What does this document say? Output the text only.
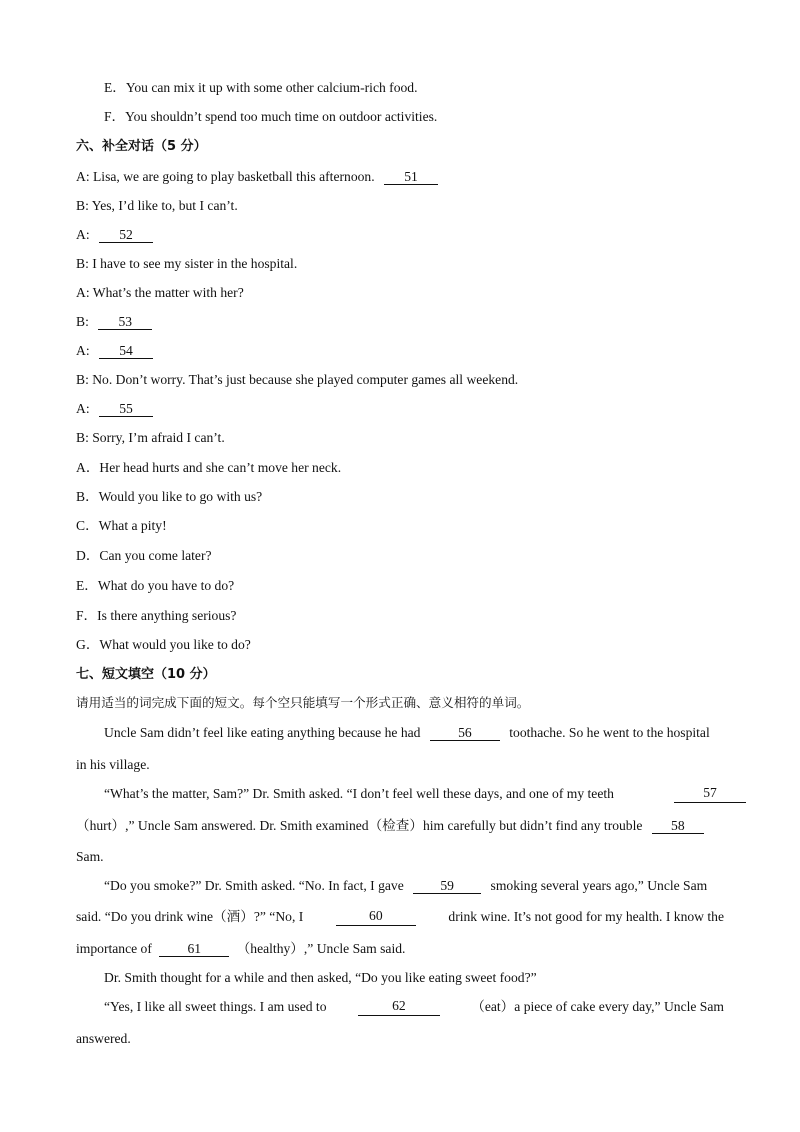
E．You can mix it up with some other calcium-rich food.
F．You shouldn’t spend too much time on outdoor activities.
六、补全对话（5 分）
A: Lisa, we are going to play basketball this afternoon. 51
B: Yes, I’d like to, but I can’t.
A: 52
B: I have to see my sister in the hospital.
A: What’s the matter with her?
B: 53
A: 54
B: No. Don’t worry. That’s just because she played computer games all weekend.
A: 55
B: Sorry, I’m afraid I can’t.
A．Her head hurts and she can’t move her neck.
B．Would you like to go with us?
C．What a pity!
D．Can you come later?
E．What do you have to do?
F．Is there anything serious?
G．What would you like to do?
七、短文填空（10 分）
请用适当的词完成下面的短文。每个空只能填写一个形式正确、意义相符的单词。
Uncle Sam didn’t feel like eating anything because he had	56	toothache. So he went to the hospital
in his village.
“What’s the matter, Sam?” Dr. Smith asked. “I don’t feel well these days, and one of my teeth	57
（hurt）,” Uncle Sam answered. Dr. Smith examined（检查）him carefully but didn’t find any trouble 58
Sam.
“Do you smoke?” Dr. Smith asked. “No. In fact, I gave	59	smoking several years ago,” Uncle Sam
said. “Do you drink wine（酒）?” “No, I	60	drink wine. It’s not good for my health. I know the
importance of	61	（healthy）,” Uncle Sam said.
Dr. Smith thought for a while and then asked, “Do you like eating sweet food?”
“Yes, I like all sweet things. I am used to	62	（eat）a piece of cake every day,” Uncle Sam
answered.
